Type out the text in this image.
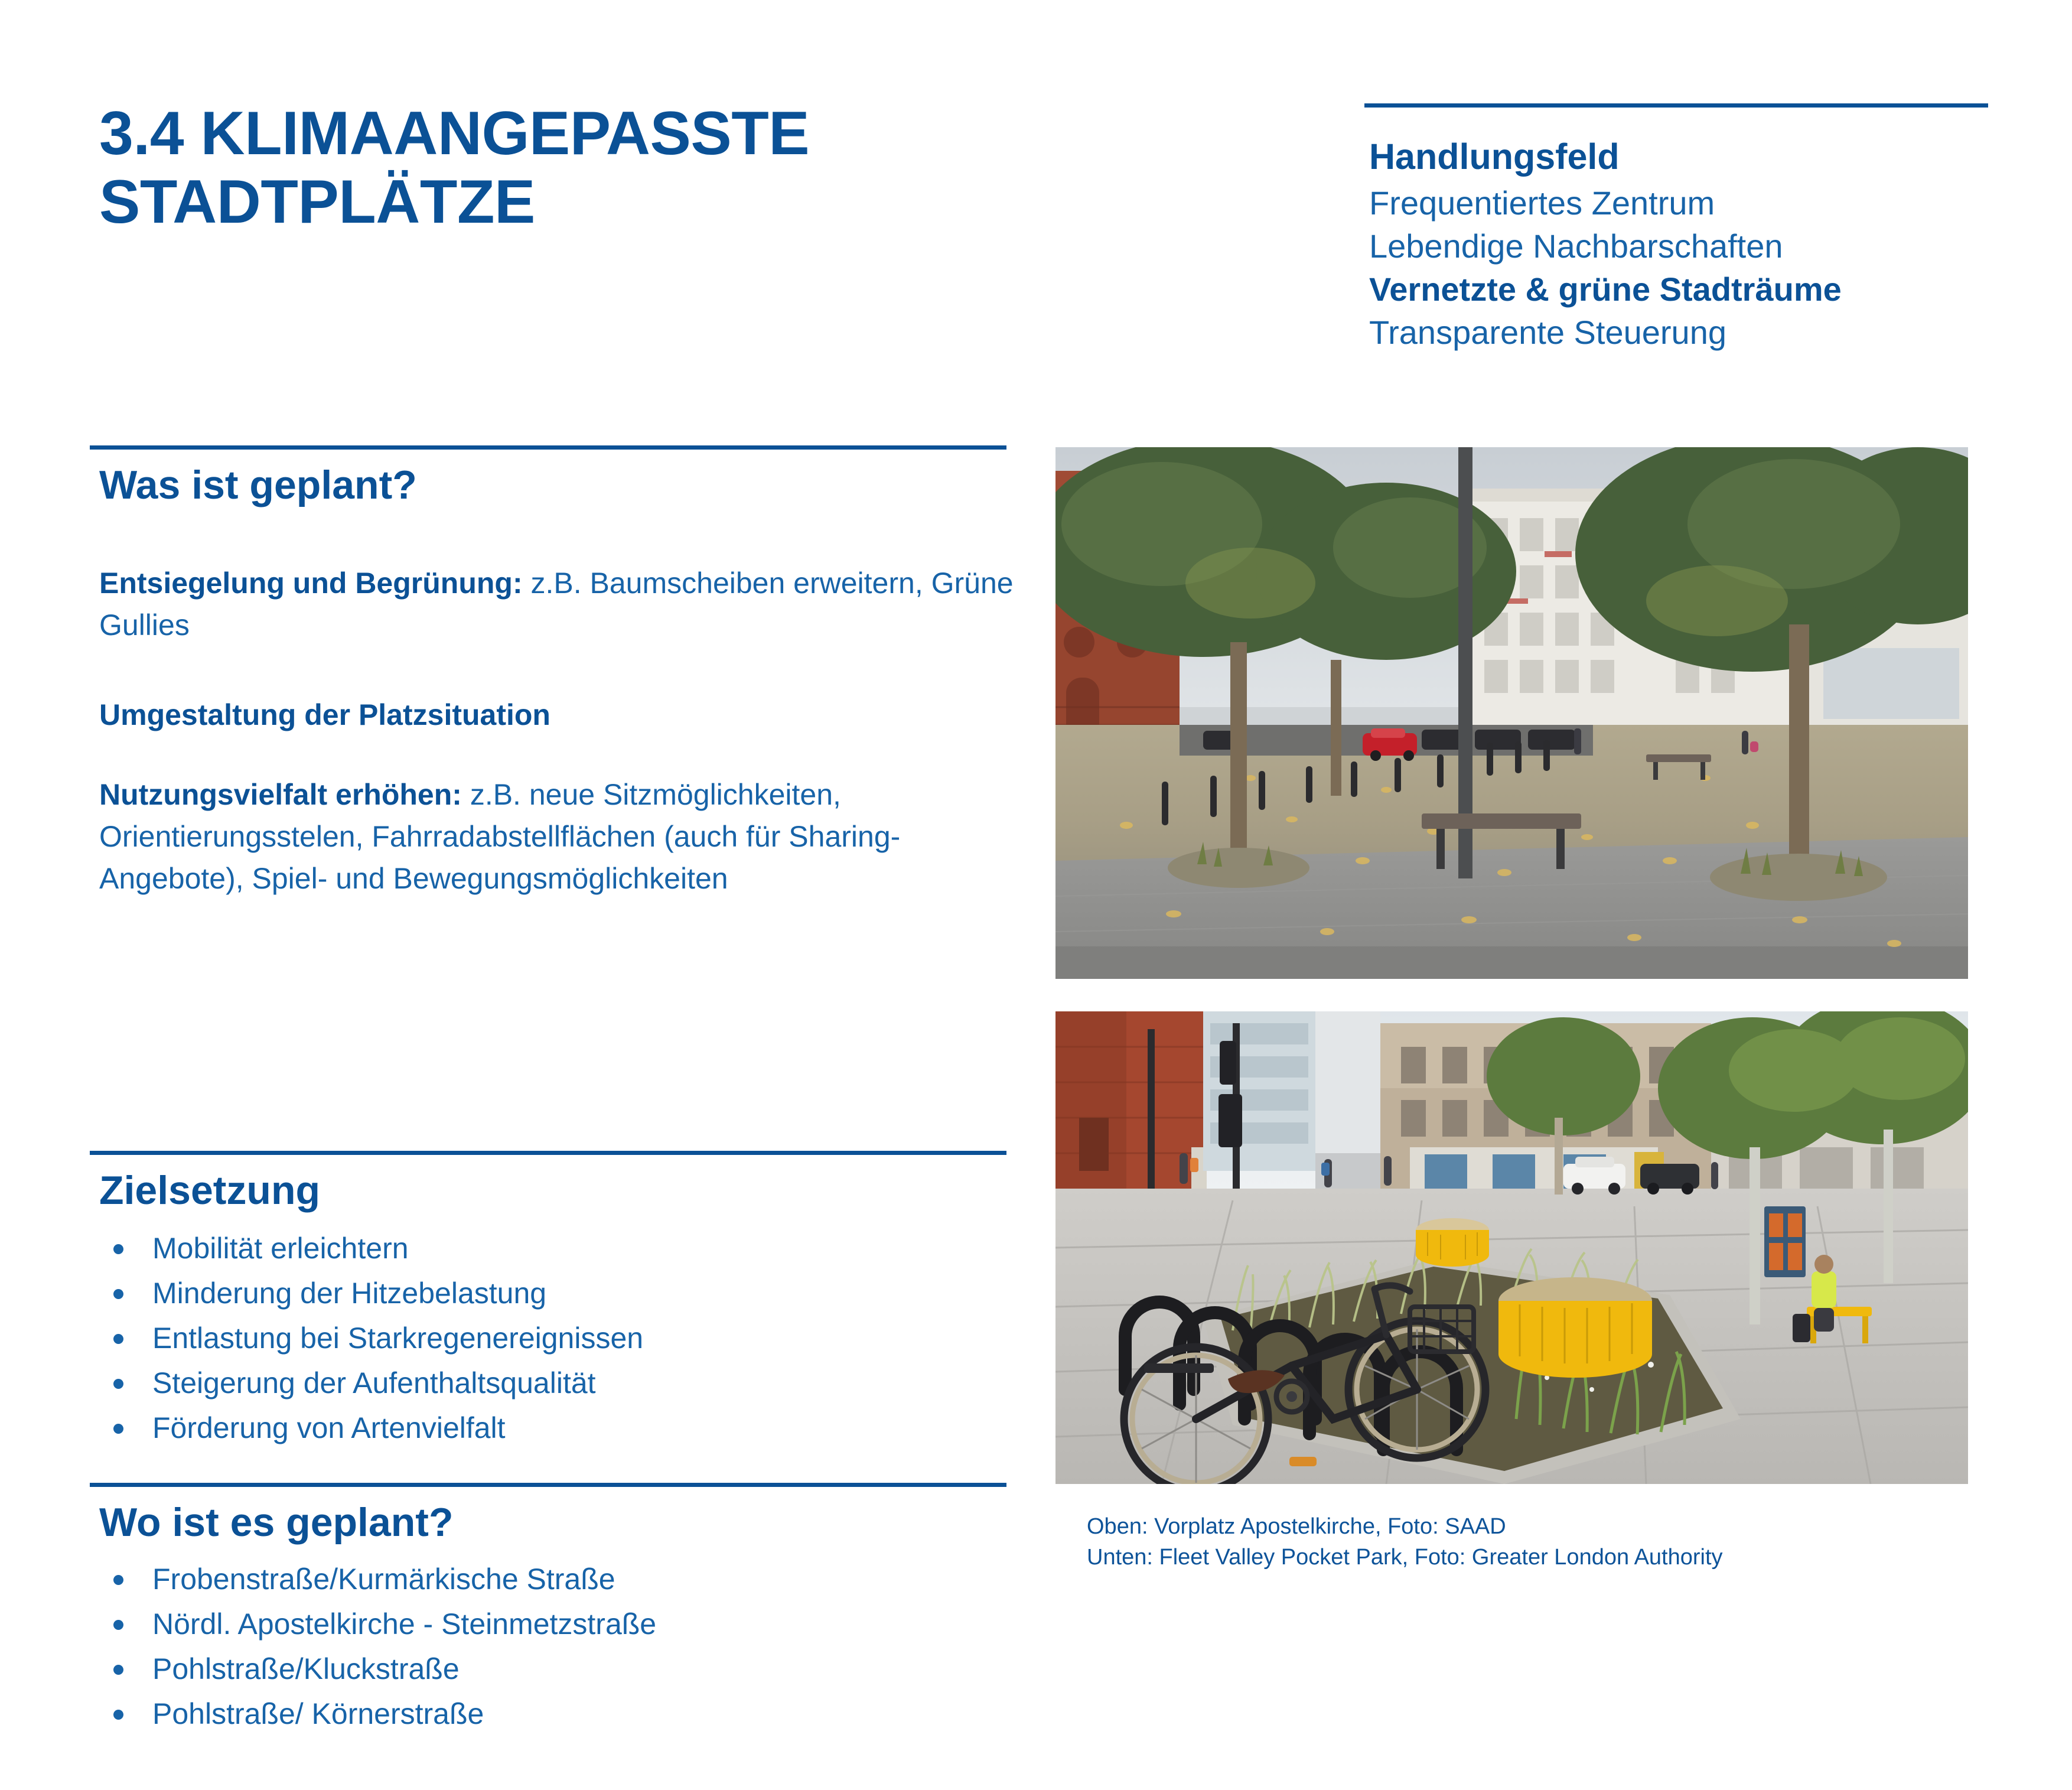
3.4 KLIMAANGEPASSTE
STADTPLÄTZE
Handlungsfeld
Frequentiertes Zentrum
Lebendige Nachbarschaften
Vernetzte & grüne Stadträume
Transparente Steuerung
Was ist geplant?
Entsiegelung und Begrünung: z.B. Baumscheiben erweitern, Grüne Gullies
Umgestaltung der Platzsituation
Nutzungsvielfalt erhöhen: z.B. neue Sitzmöglichkeiten, Orientierungsstelen, Fahrradabstellflächen (auch für Sharing-Angebote), Spiel- und Bewegungsmöglichkeiten
Zielsetzung
Mobilität erleichtern
Minderung der Hitzebelastung
Entlastung bei Starkregenereignissen
Steigerung der Aufenthaltsqualität
Förderung von Artenvielfalt
Wo ist es geplant?
Frobenstraße/Kurmärkische Straße
Nördl. Apostelkirche - Steinmetzstraße
Pohlstraße/Kluckstraße
Pohlstraße/ Körnerstraße
Oben: Vorplatz Apostelkirche, Foto: SAAD
Unten: Fleet Valley Pocket Park, Foto: Greater London Authority
